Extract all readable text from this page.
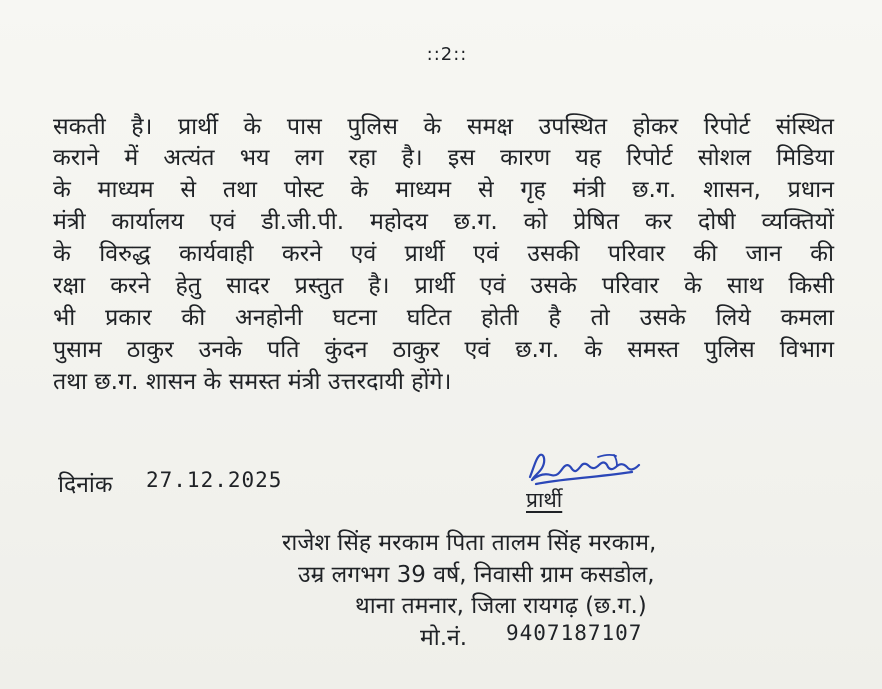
::2::
सकती है। प्रार्थी के पास पुलिस के समक्ष उपस्थित होकर रिपोर्ट संस्थित
कराने में अत्यंत भय लग रहा है। इस कारण यह रिपोर्ट सोशल मिडिया
के माध्यम से तथा पोस्ट के माध्यम से गृह मंत्री छ.ग. शासन, प्रधान
मंत्री कार्यालय एवं डी.जी.पी. महोदय छ.ग. को प्रेषित कर दोषी व्यक्तियों
के विरुद्ध कार्यवाही करने एवं प्रार्थी एवं उसकी परिवार की जान की
रक्षा करने हेतु सादर प्रस्तुत है। प्रार्थी एवं उसके परिवार के साथ किसी
भी प्रकार की अनहोनी घटना घटित होती है तो उसके लिये कमला
पुसाम ठाकुर उनके पति कुंदन ठाकुर एवं छ.ग. के समस्त पुलिस विभाग
तथा छ.ग. शासन के समस्त मंत्री उत्तरदायी होंगे।
दिनांक 27.12.2025
प्रार्थी
राजेश सिंह मरकाम पिता तालम सिंह मरकाम,
उम्र लगभग 39 वर्ष, निवासी ग्राम कसडोल,
थाना तमनार, जिला रायगढ़ (छ.ग.)
मो.नं. 9407187107
